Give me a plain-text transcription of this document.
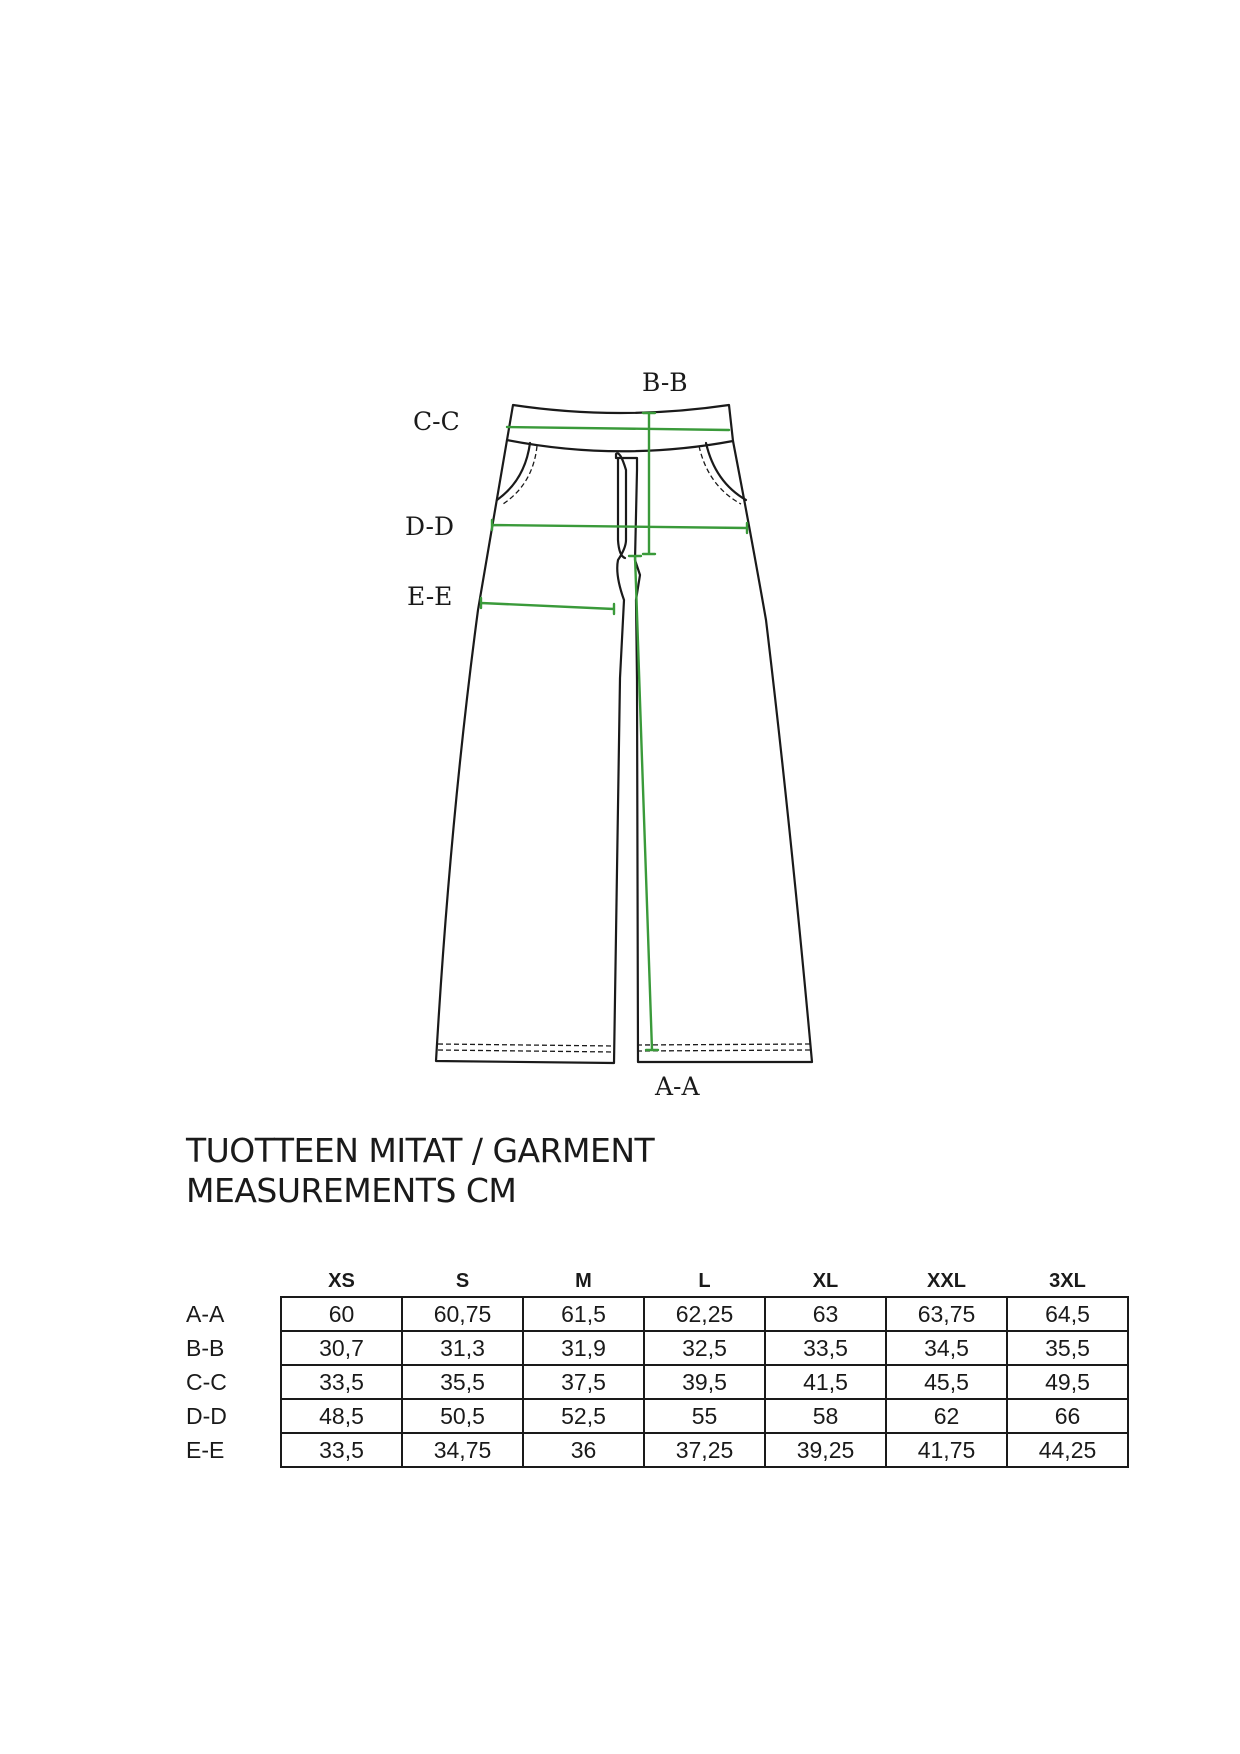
B-B
C-C
D-D
E-E
A-A
TUOTTEEN MITAT / GARMENT
MEASUREMENTS CM
	XS	S	M	L	XL	XXL	3XL
A-A	60	60,75	61,5	62,25	63	63,75	64,5
B-B	30,7	31,3	31,9	32,5	33,5	34,5	35,5
C-C	33,5	35,5	37,5	39,5	41,5	45,5	49,5
D-D	48,5	50,5	52,5	55	58	62	66
E-E	33,5	34,75	36	37,25	39,25	41,75	44,25
